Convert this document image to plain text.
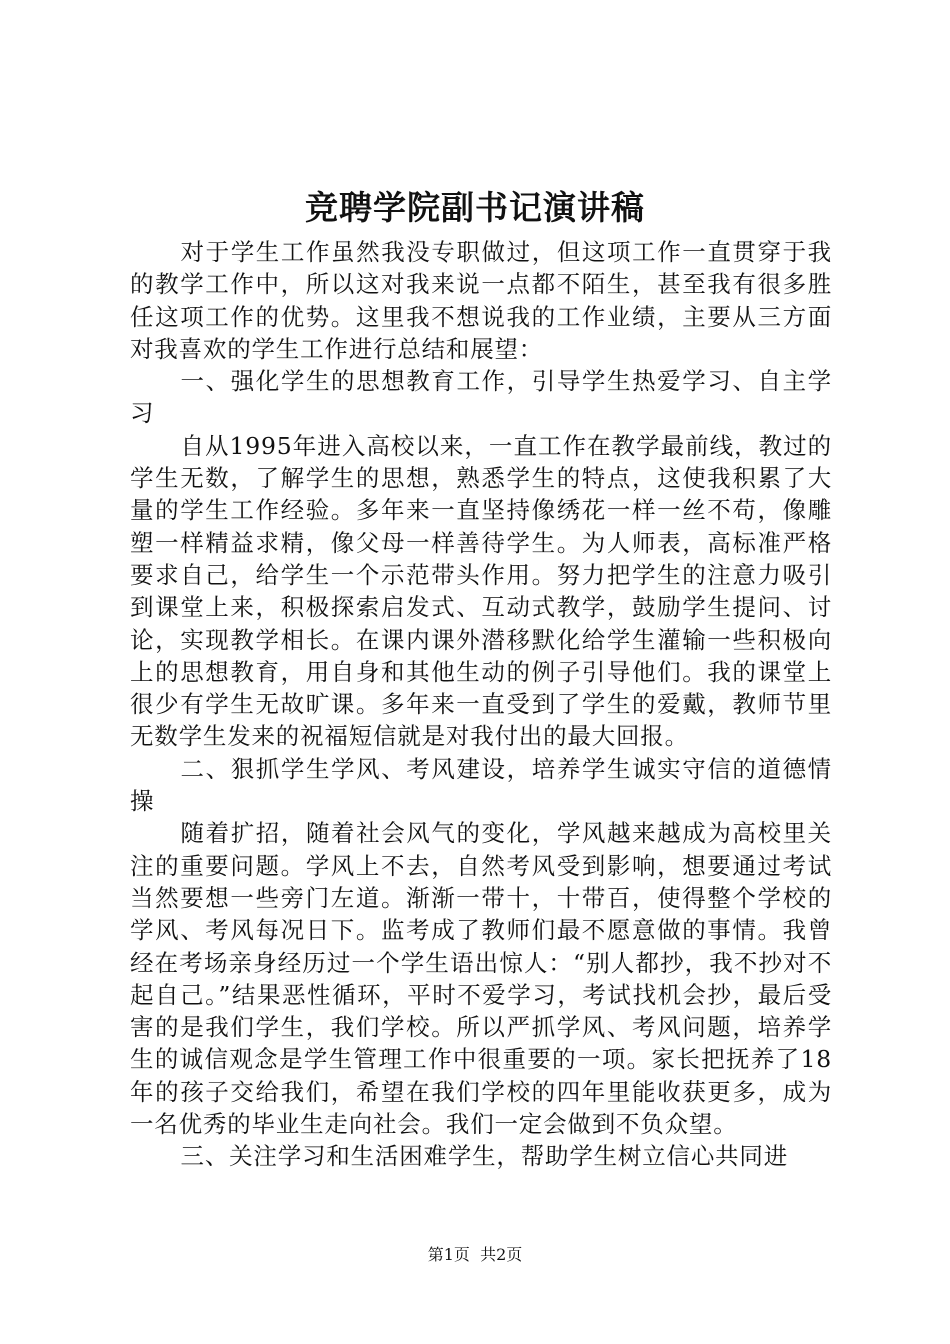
竞聘学院副书记演讲稿

对于学生工作虽然我没专职做过，但这项工作一直贯穿于我的教学工作中，所以这对我来说一点都不陌生，甚至我有很多胜任这项工作的优势。这里我不想说我的工作业绩，主要从三方面对我喜欢的学生工作进行总结和展望：

一、强化学生的思想教育工作，引导学生热爱学习、自主学习

自从1995年进入高校以来，一直工作在教学最前线，教过的学生无数，了解学生的思想，熟悉学生的特点，这使我积累了大量的学生工作经验。多年来一直坚持像绣花一样一丝不苟，像雕塑一样精益求精，像父母一样善待学生。为人师表，高标准严格要求自己，给学生一个示范带头作用。努力把学生的注意力吸引到课堂上来，积极探索启发式、互动式教学，鼓励学生提问、讨论，实现教学相长。在课内课外潜移默化给学生灌输一些积极向上的思想教育，用自身和其他生动的例子引导他们。我的课堂上很少有学生无故旷课。多年来一直受到了学生的爱戴，教师节里无数学生发来的祝福短信就是对我付出的最大回报。

二、狠抓学生学风、考风建设，培养学生诚实守信的道德情操

随着扩招，随着社会风气的变化，学风越来越成为高校里关注的重要问题。学风上不去，自然考风受到影响，想要通过考试当然要想一些旁门左道。渐渐一带十，十带百，使得整个学校的学风、考风每况日下。监考成了教师们最不愿意做的事情。我曾经在考场亲身经历过一个学生语出惊人：“别人都抄，我不抄对不起自己。”结果恶性循环，平时不爱学习，考试找机会抄，最后受害的是我们学生，我们学校。所以严抓学风、考风问题，培养学生的诚信观念是学生管理工作中很重要的一项。家长把抚养了18年的孩子交给我们，希望在我们学校的四年里能收获更多，成为一名优秀的毕业生走向社会。我们一定会做到不负众望。

三、关注学习和生活困难学生，帮助学生树立信心共同进

第1页  共2页
